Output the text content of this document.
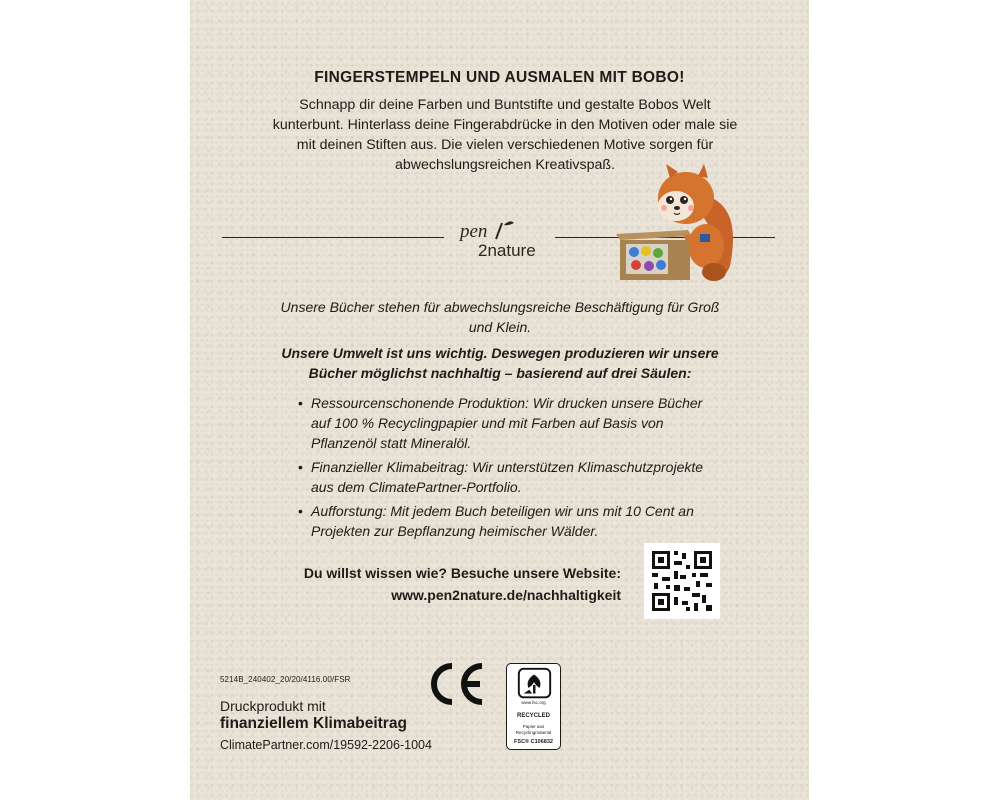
FINGERSTEMPELN UND AUSMALEN MIT BOBO!
Schnapp dir deine Farben und Buntstifte und gestalte Bobos Welt kunterbunt. Hinterlass deine Fingerabdrücke in den Motiven oder male sie mit deinen Stiften aus. Die vielen verschiedenen Motive sorgen für abwechslungsreichen Kreativspaß.
pen
2nature
Unsere Bücher stehen für abwechslungsreiche Beschäftigung für Groß und Klein.
Unsere Umwelt ist uns wichtig. Deswegen produzieren wir unsere Bücher möglichst nachhaltig – basierend auf drei Säulen:
• Ressourcenschonende Produktion: Wir drucken unsere Bücher auf 100 % Recyclingpapier und mit Farben auf Basis von Pflanzenöl statt Mineralöl.
• Finanzieller Klimabeitrag: Wir unterstützen Klimaschutzprojekte aus dem ClimatePartner-Portfolio.
• Aufforstung: Mit jedem Buch beteiligen wir uns mit 10 Cent an Projekten zur Bepflanzung heimischer Wälder.
Du willst wissen wie? Besuche unsere Website:
www.pen2nature.de/nachhaltigkeit
5214B_240402_20/20/4116.00/FSR
Druckprodukt mit
finanziellem Klimabeitrag
ClimatePartner.com/19592-2206-1004
www.fsc.org
RECYCLED
Papier aus
Recyclingmaterial
FSC® C106832
